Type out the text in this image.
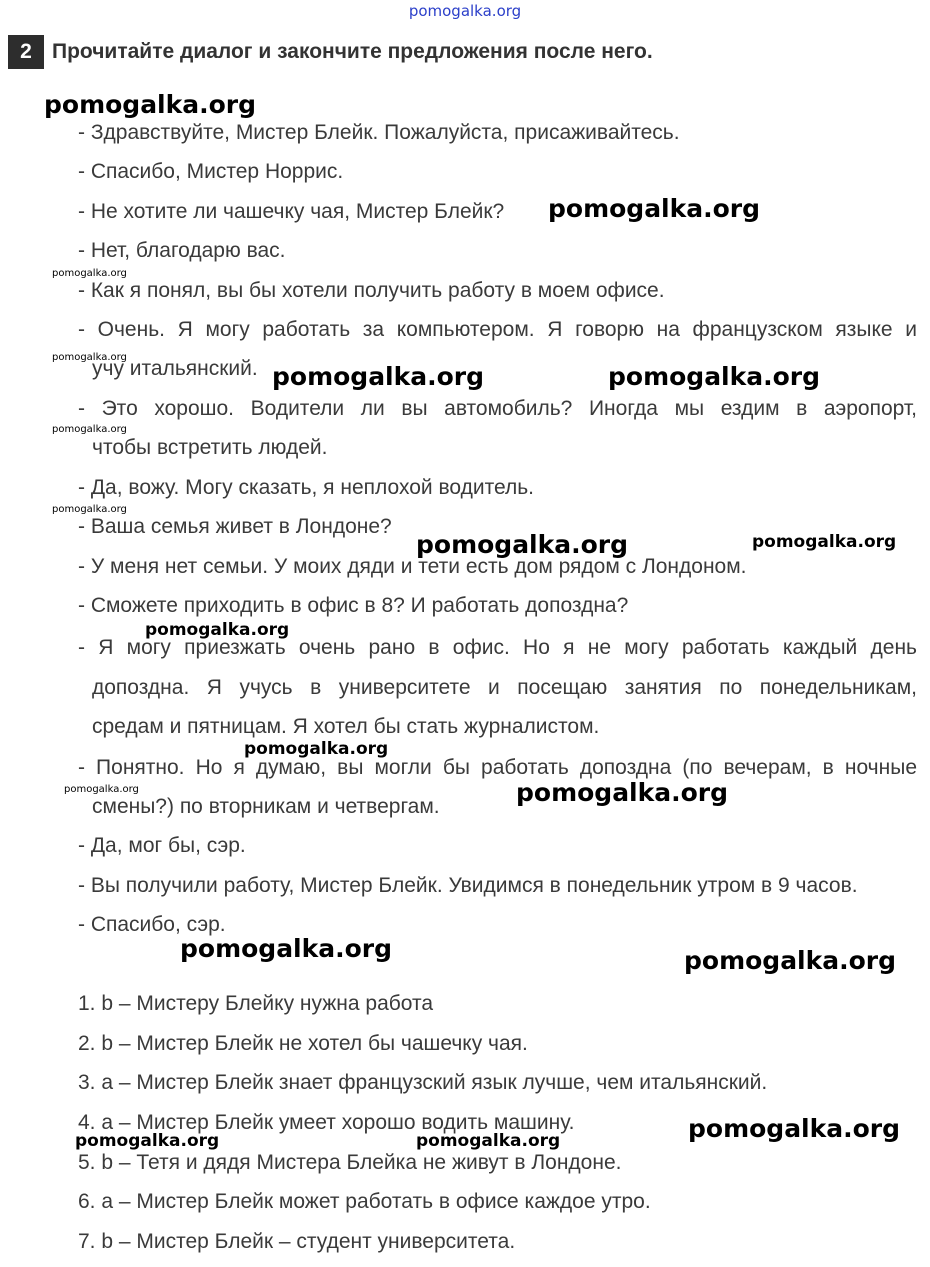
pomogalka.org
2 Прочитайте диалог и закончите предложения после него.
- Здравствуйте, Мистер Блейк. Пожалуйста, присаживайтесь.
- Спасибо, Мистер Норрис.
- Не хотите ли чашечку чая, Мистер Блейк?
- Нет, благодарю вас.
- Как я понял, вы бы хотели получить работу в моем офисе.
- Очень. Я могу работать за компьютером. Я говорю на французском языке и
учу итальянский.
- Это хорошо. Водители ли вы автомобиль? Иногда мы ездим в аэропорт,
чтобы встретить людей.
- Да, вожу. Могу сказать, я неплохой водитель.
- Ваша семья живет в Лондоне?
- У меня нет семьи. У моих дяди и тети есть дом рядом с Лондоном.
- Сможете приходить в офис в 8? И работать допоздна?
- Я могу приезжать очень рано в офис. Но я не могу работать каждый день
допоздна. Я учусь в университете и посещаю занятия по понедельникам,
средам и пятницам. Я хотел бы стать журналистом.
- Понятно. Но я думаю, вы могли бы работать допоздна (по вечерам, в ночные
смены?) по вторникам и четвергам.
- Да, мог бы, сэр.
- Вы получили работу, Мистер Блейк. Увидимся в понедельник утром в 9 часов.
- Спасибо, сэр.
1. b – Мистеру Блейку нужна работа
2. b – Мистер Блейк не хотел бы чашечку чая.
3. a – Мистер Блейк знает французский язык лучше, чем итальянский.
4. a – Мистер Блейк умеет хорошо водить машину.
5. b – Тетя и дядя Мистера Блейка не живут в Лондоне.
6. a – Мистер Блейк может работать в офисе каждое утро.
7. b – Мистер Блейк – студент университета.
pomogalka.org
pomogalka.org
pomogalka.org
pomogalka.org
pomogalka.org	pomogalka.org
pomogalka.org
pomogalka.org
pomogalka.org	pomogalka.org
pomogalka.org
pomogalka.org
pomogalka.org	pomogalka.org
pomogalka.org	pomogalka.org
pomogalka.org	pomogalka.org	pomogalka.org
